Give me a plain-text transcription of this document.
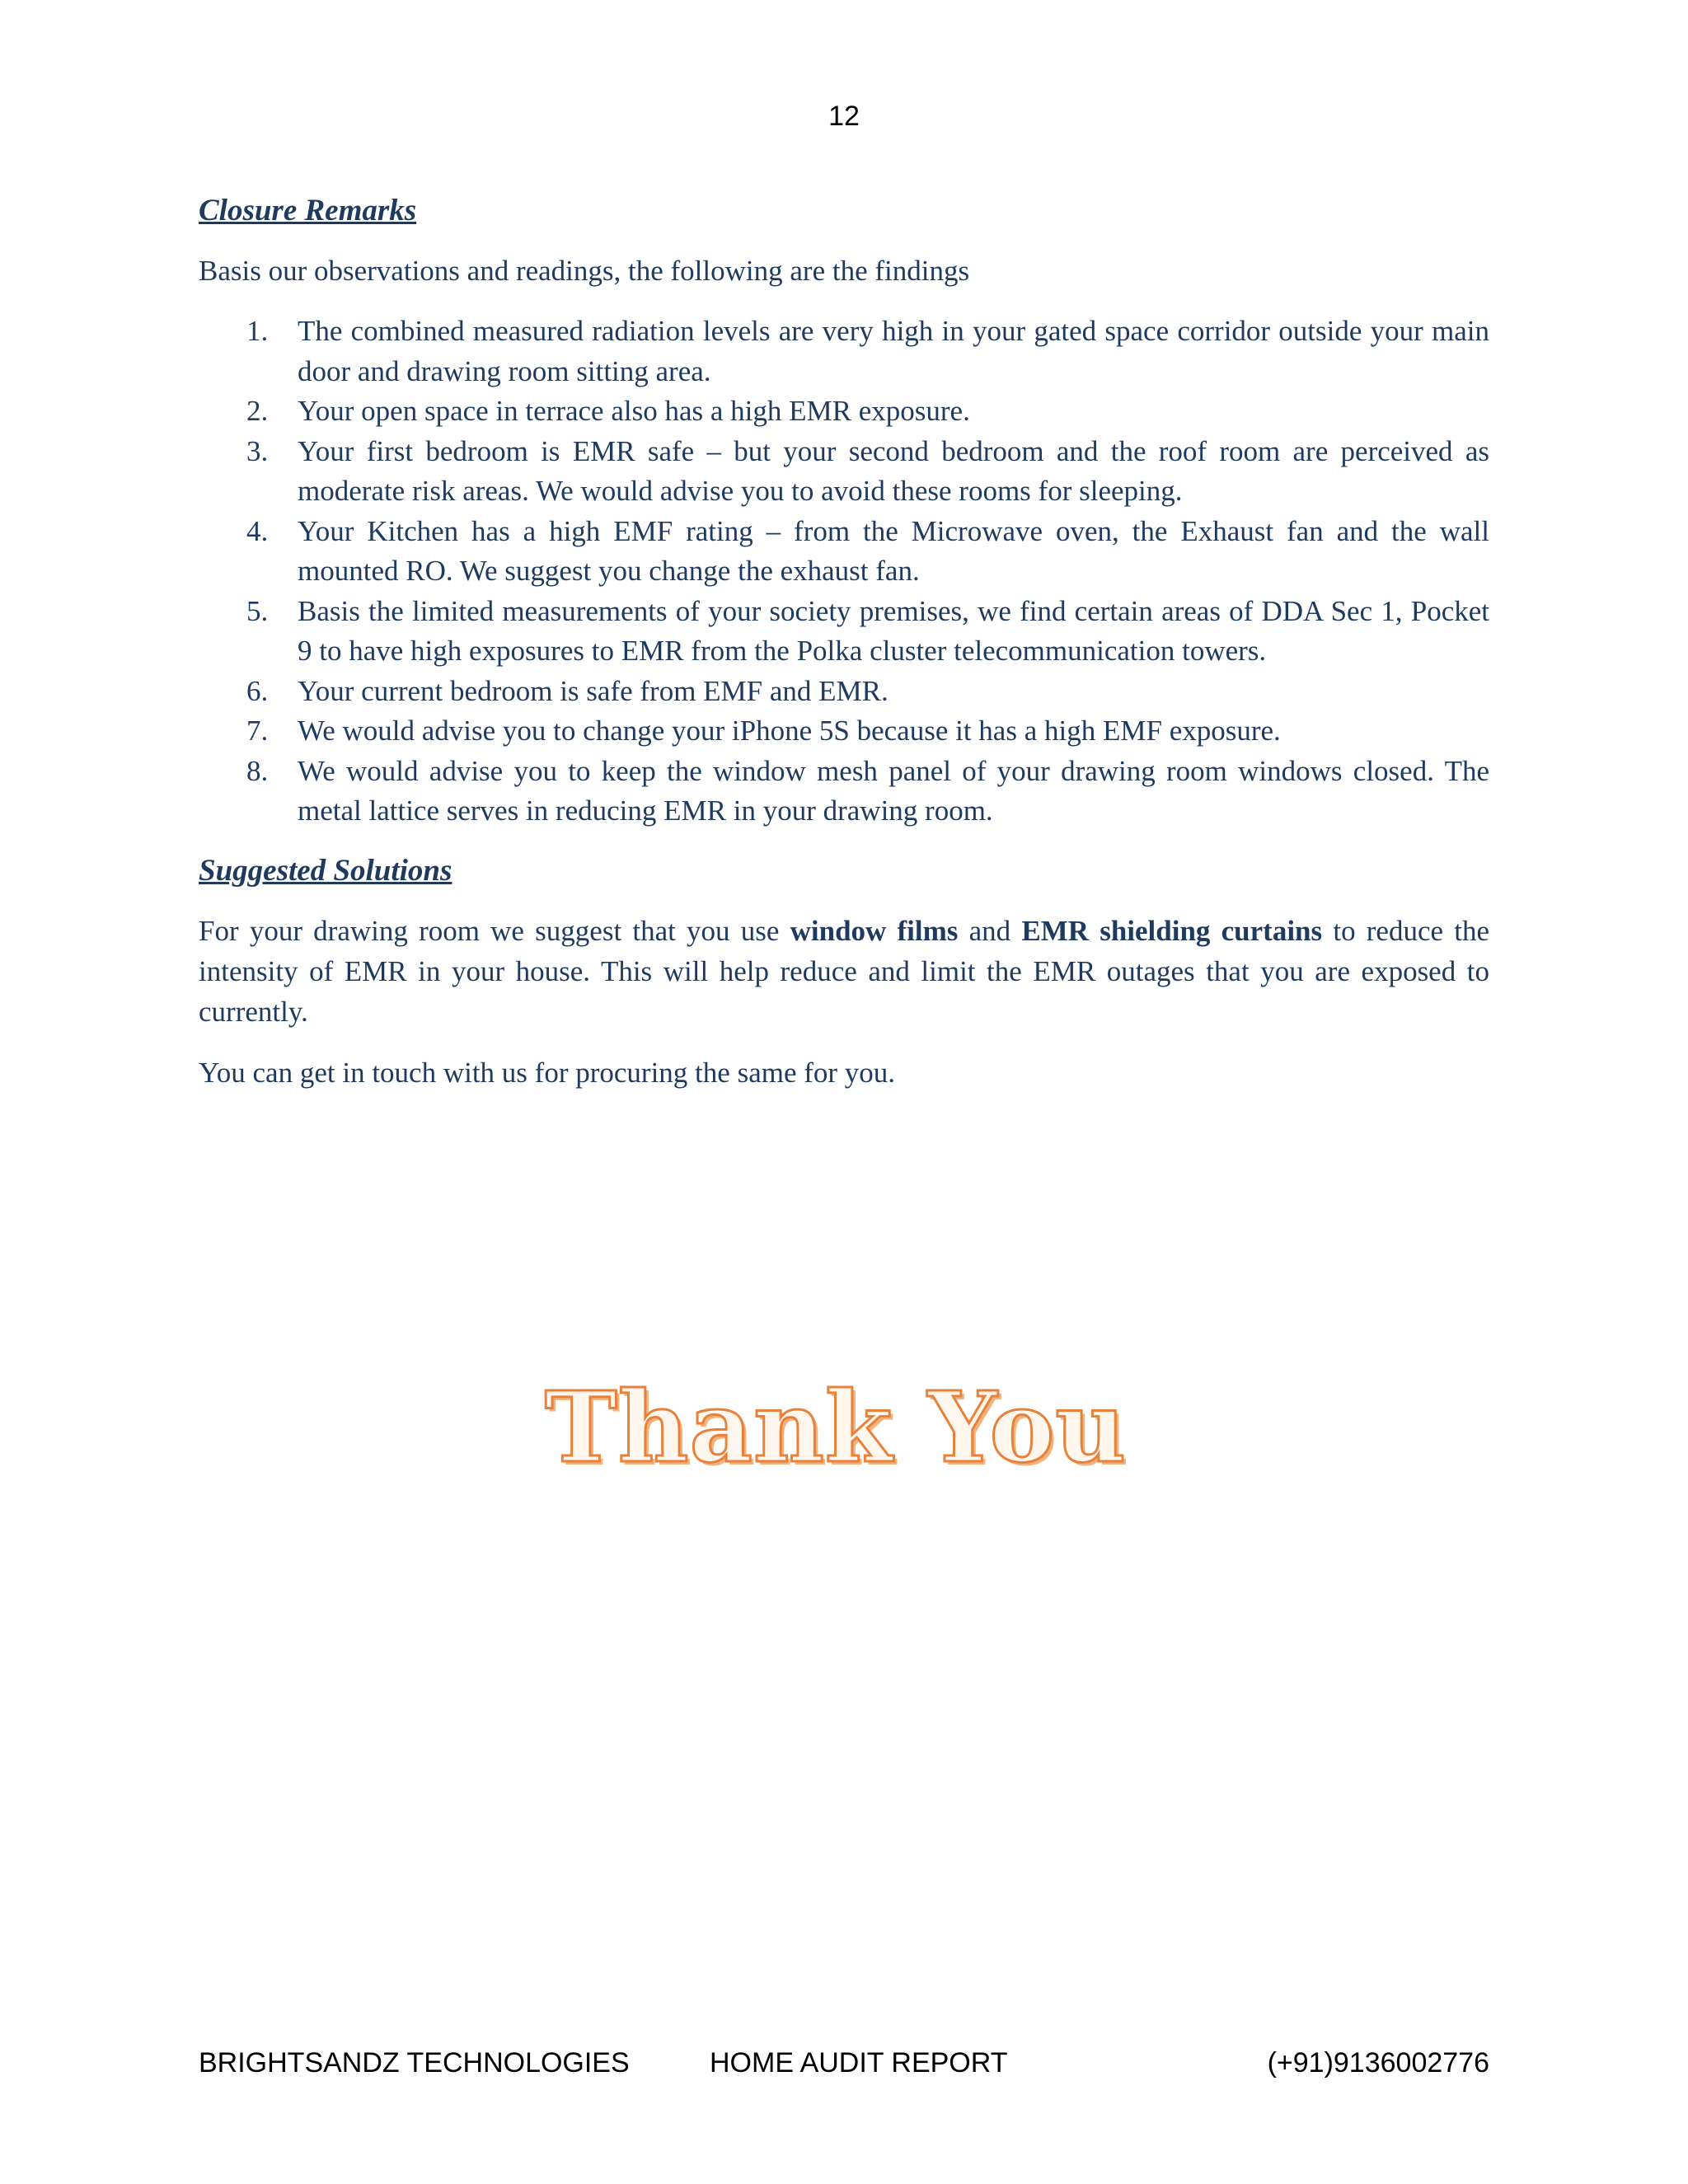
12
Closure Remarks

Basis our observations and readings, the following are the findings

1. The combined measured radiation levels are very high in your gated space corridor outside your main door and drawing room sitting area.
2. Your open space in terrace also has a high EMR exposure.
3. Your first bedroom is EMR safe – but your second bedroom and the roof room are perceived as moderate risk areas. We would advise you to avoid these rooms for sleeping.
4. Your Kitchen has a high EMF rating – from the Microwave oven, the Exhaust fan and the wall mounted RO. We suggest you change the exhaust fan.
5. Basis the limited measurements of your society premises, we find certain areas of DDA Sec 1, Pocket 9 to have high exposures to EMR from the Polka cluster telecommunication towers.
6. Your current bedroom is safe from EMF and EMR.
7. We would advise you to change your iPhone 5S because it has a high EMF exposure.
8. We would advise you to keep the window mesh panel of your drawing room windows closed. The metal lattice serves in reducing EMR in your drawing room.
Suggested Solutions

For your drawing room we suggest that you use window films and EMR shielding curtains to reduce the intensity of EMR in your house. This will help reduce and limit the EMR outages that you are exposed to currently.

You can get in touch with us for procuring the same for you.

Thank You
BRIGHTSANDZ TECHNOLOGIES	HOME AUDIT REPORT	(+91)9136002776
